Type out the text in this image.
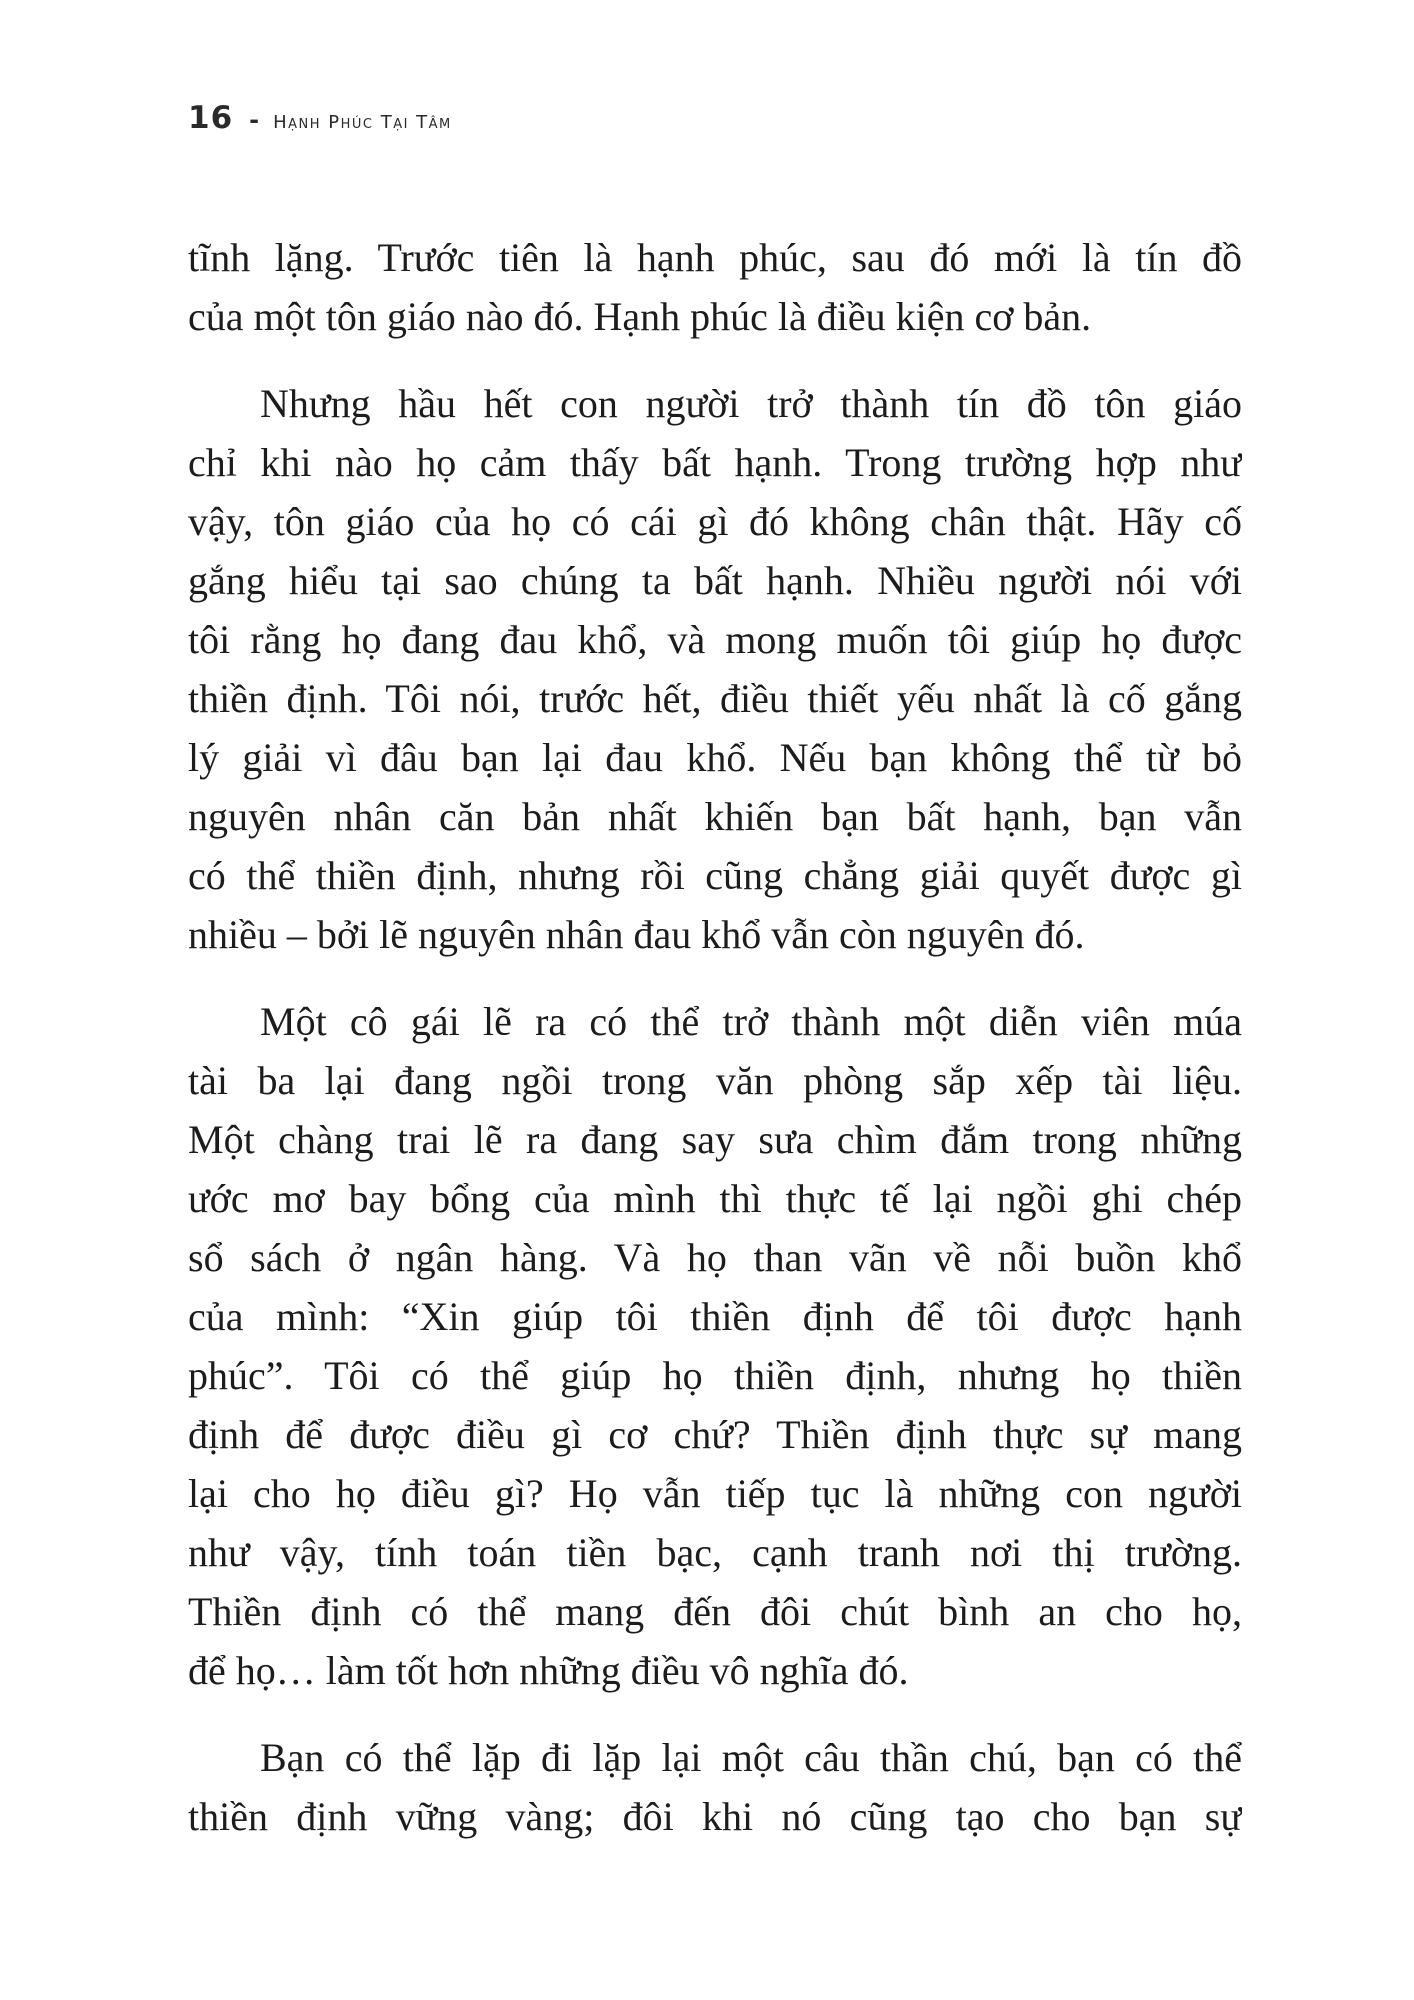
16 - Hạnh Phúc Tại Tâm
tĩnh lặng. Trước tiên là hạnh phúc, sau đó mới là tín đồ
của một tôn giáo nào đó. Hạnh phúc là điều kiện cơ bản.
Nhưng hầu hết con người trở thành tín đồ tôn giáo
chỉ khi nào họ cảm thấy bất hạnh. Trong trường hợp như
vậy, tôn giáo của họ có cái gì đó không chân thật. Hãy cố
gắng hiểu tại sao chúng ta bất hạnh. Nhiều người nói với
tôi rằng họ đang đau khổ, và mong muốn tôi giúp họ được
thiền định. Tôi nói, trước hết, điều thiết yếu nhất là cố gắng
lý giải vì đâu bạn lại đau khổ. Nếu bạn không thể từ bỏ
nguyên nhân căn bản nhất khiến bạn bất hạnh, bạn vẫn
có thể thiền định, nhưng rồi cũng chẳng giải quyết được gì
nhiều – bởi lẽ nguyên nhân đau khổ vẫn còn nguyên đó.
Một cô gái lẽ ra có thể trở thành một diễn viên múa
tài ba lại đang ngồi trong văn phòng sắp xếp tài liệu.
Một chàng trai lẽ ra đang say sưa chìm đắm trong những
ước mơ bay bổng của mình thì thực tế lại ngồi ghi chép
sổ sách ở ngân hàng. Và họ than vãn về nỗi buồn khổ
của mình: “Xin giúp tôi thiền định để tôi được hạnh
phúc”. Tôi có thể giúp họ thiền định, nhưng họ thiền
định để được điều gì cơ chứ? Thiền định thực sự mang
lại cho họ điều gì? Họ vẫn tiếp tục là những con người
như vậy, tính toán tiền bạc, cạnh tranh nơi thị trường.
Thiền định có thể mang đến đôi chút bình an cho họ,
để họ… làm tốt hơn những điều vô nghĩa đó.
Bạn có thể lặp đi lặp lại một câu thần chú, bạn có thể
thiền định vững vàng; đôi khi nó cũng tạo cho bạn sự
